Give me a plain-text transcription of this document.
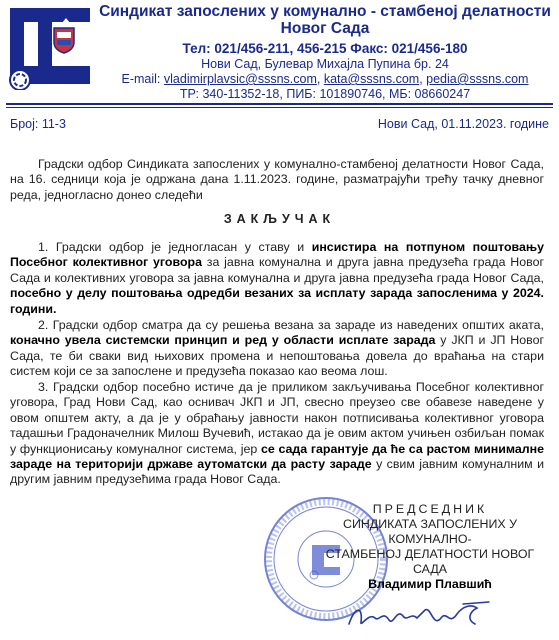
Синдикат запослених у комунално - стамбеној делатности
Новог Сада
Тел: 021/456-211, 456-215 Факс: 021/456-180
Нови Сад, Булевар Михајла Пупина бр. 24
E-mail: vladimirplavsic@sssns.com, kata@sssns.com, pedia@sssns.com
ТР: 340-11352-18, ПИБ: 101890746, МБ: 08660247
Број: 11-3	Нови Сад, 01.11.2023. године
Градски одбор Синдиката запослених у комунално-стамбеној делатности Новог Сада, на 16. седници која је одржана дана 1.11.2023. године, разматрајући трећу тачку дневног реда, једногласно донео следећи
ЗАКЉУЧАК
1. Градски одбор је једногласан у ставу и инсистира на потпуном поштовању Посебног колективног уговора за јавна комунална и друга јавна предузећа града Новог Сада и колективних уговора за јавна комунална и друга јавна предузећа града Новог Сада, посебно у делу поштовања одредби везаних за исплату зарада запосленима у 2024. години.
2. Градски одбор сматра да су решења везана за зараде из наведених општих аката, коначно увела системски принцип и ред у области исплате зарада у ЈКП и ЈП Новог Сада, те би сваки вид њихових промена и непоштовања довела до враћања на стари систем који се за запослене и предузећа показао као веома лош.
3. Градски одбор посебно истиче да је приликом закључивања Посебног колективног уговора, Град Нови Сад, као оснивач ЈКП и ЈП, свесно преузео све обавезе наведене у овом општем акту, а да је у обраћању јавности након потписивања колективног уговора тадашњи Градоначелник Милош Вучевић, истакао да је овим актом учињен озбиљан помак у функционисању комуналног система, јер се сада гарантује да ће са растом минималне зараде на територији државе аутоматски да расту зараде у свим јавним комуналним и другим јавним предузећима града Новог Сада.
ПРЕДСЕДНИК
СИНДИКАТА ЗАПОСЛЕНИХ У КОМУНАЛНО-
СТАМБЕНОЈ ДЕЛАТНОСТИ НОВОГ САДА
Владимир Плавшић
